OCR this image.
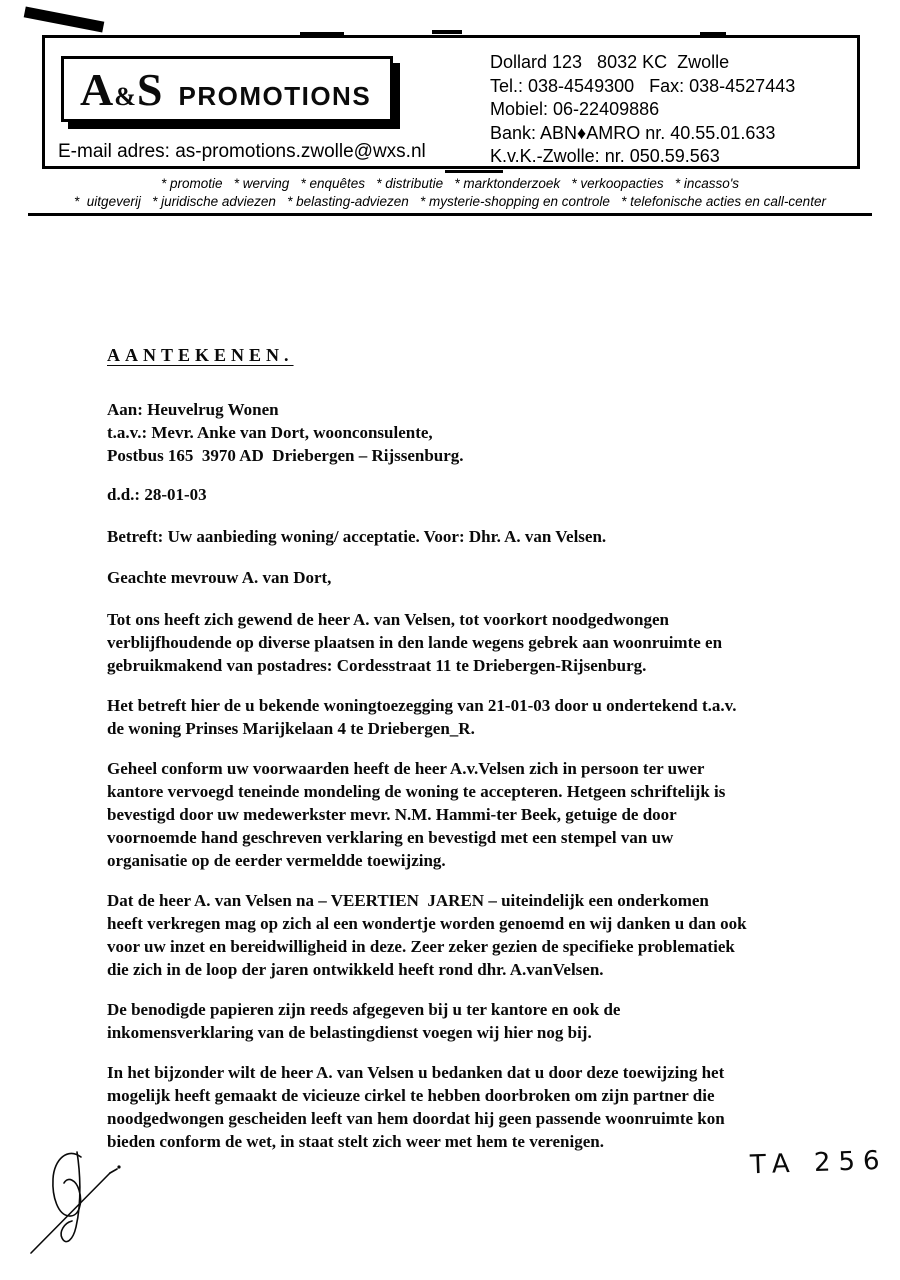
A & S PROMOTIONS
E-mail adres: as-promotions.zwolle@wxs.nl
Dollard 123   8032 KC  Zwolle
Tel.: 038-4549300   Fax: 038-4527443
Mobiel: 06-22409886
Bank: ABN♦AMRO nr. 40.55.01.633
K.v.K.-Zwolle: nr. 050.59.563
* promotie   * werving   * enquêtes   * distributie   * marktonderzoek   * verkoopacties   * incasso's
*  uitgeverij   * juridische adviezen   * belasting-adviezen   * mysterie-shopping en controle   * telefonische acties en call-center
AANTEKENEN.
Aan: Heuvelrug Wonen
t.a.v.: Mevr. Anke van Dort, woonconsulente,
Postbus 165  3970 AD  Driebergen – Rijssenburg.
d.d.: 28-01-03
Betreft: Uw aanbieding woning/ acceptatie. Voor: Dhr. A. van Velsen.
Geachte mevrouw A. van Dort,
Tot ons heeft zich gewend de heer A. van Velsen, tot voorkort noodgedwongen
verblijfhoudende op diverse plaatsen in den lande wegens gebrek aan woonruimte en
gebruikmakend van postadres: Cordesstraat 11 te Driebergen-Rijsenburg.
Het betreft hier de u bekende woningtoezegging van 21-01-03 door u ondertekend t.a.v.
de woning Prinses Marijkelaan 4 te Driebergen_R.
Geheel conform uw voorwaarden heeft de heer A.v.Velsen zich in persoon ter uwer
kantore vervoegd teneinde mondeling de woning te accepteren. Hetgeen schriftelijk is
bevestigd door uw medewerkster mevr. N.M. Hammi-ter Beek, getuige de door
voornoemde hand geschreven verklaring en bevestigd met een stempel van uw
organisatie op de eerder vermeldde toewijzing.
Dat de heer A. van Velsen na – VEERTIEN  JAREN – uiteindelijk een onderkomen
heeft verkregen mag op zich al een wondertje worden genoemd en wij danken u dan ook
voor uw inzet en bereidwilligheid in deze. Zeer zeker gezien de specifieke problematiek
die zich in de loop der jaren ontwikkeld heeft rond dhr. A.vanVelsen.
De benodigde papieren zijn reeds afgegeven bij u ter kantore en ook de
inkomensverklaring van de belastingdienst voegen wij hier nog bij.
In het bijzonder wilt de heer A. van Velsen u bedanken dat u door deze toewijzing het
mogelijk heeft gemaakt de vicieuze cirkel te hebben doorbroken om zijn partner die
noodgedwongen gescheiden leeft van hem doordat hij geen passende woonruimte kon
bieden conform de wet, in staat stelt zich weer met hem te verenigen.
TA 256
